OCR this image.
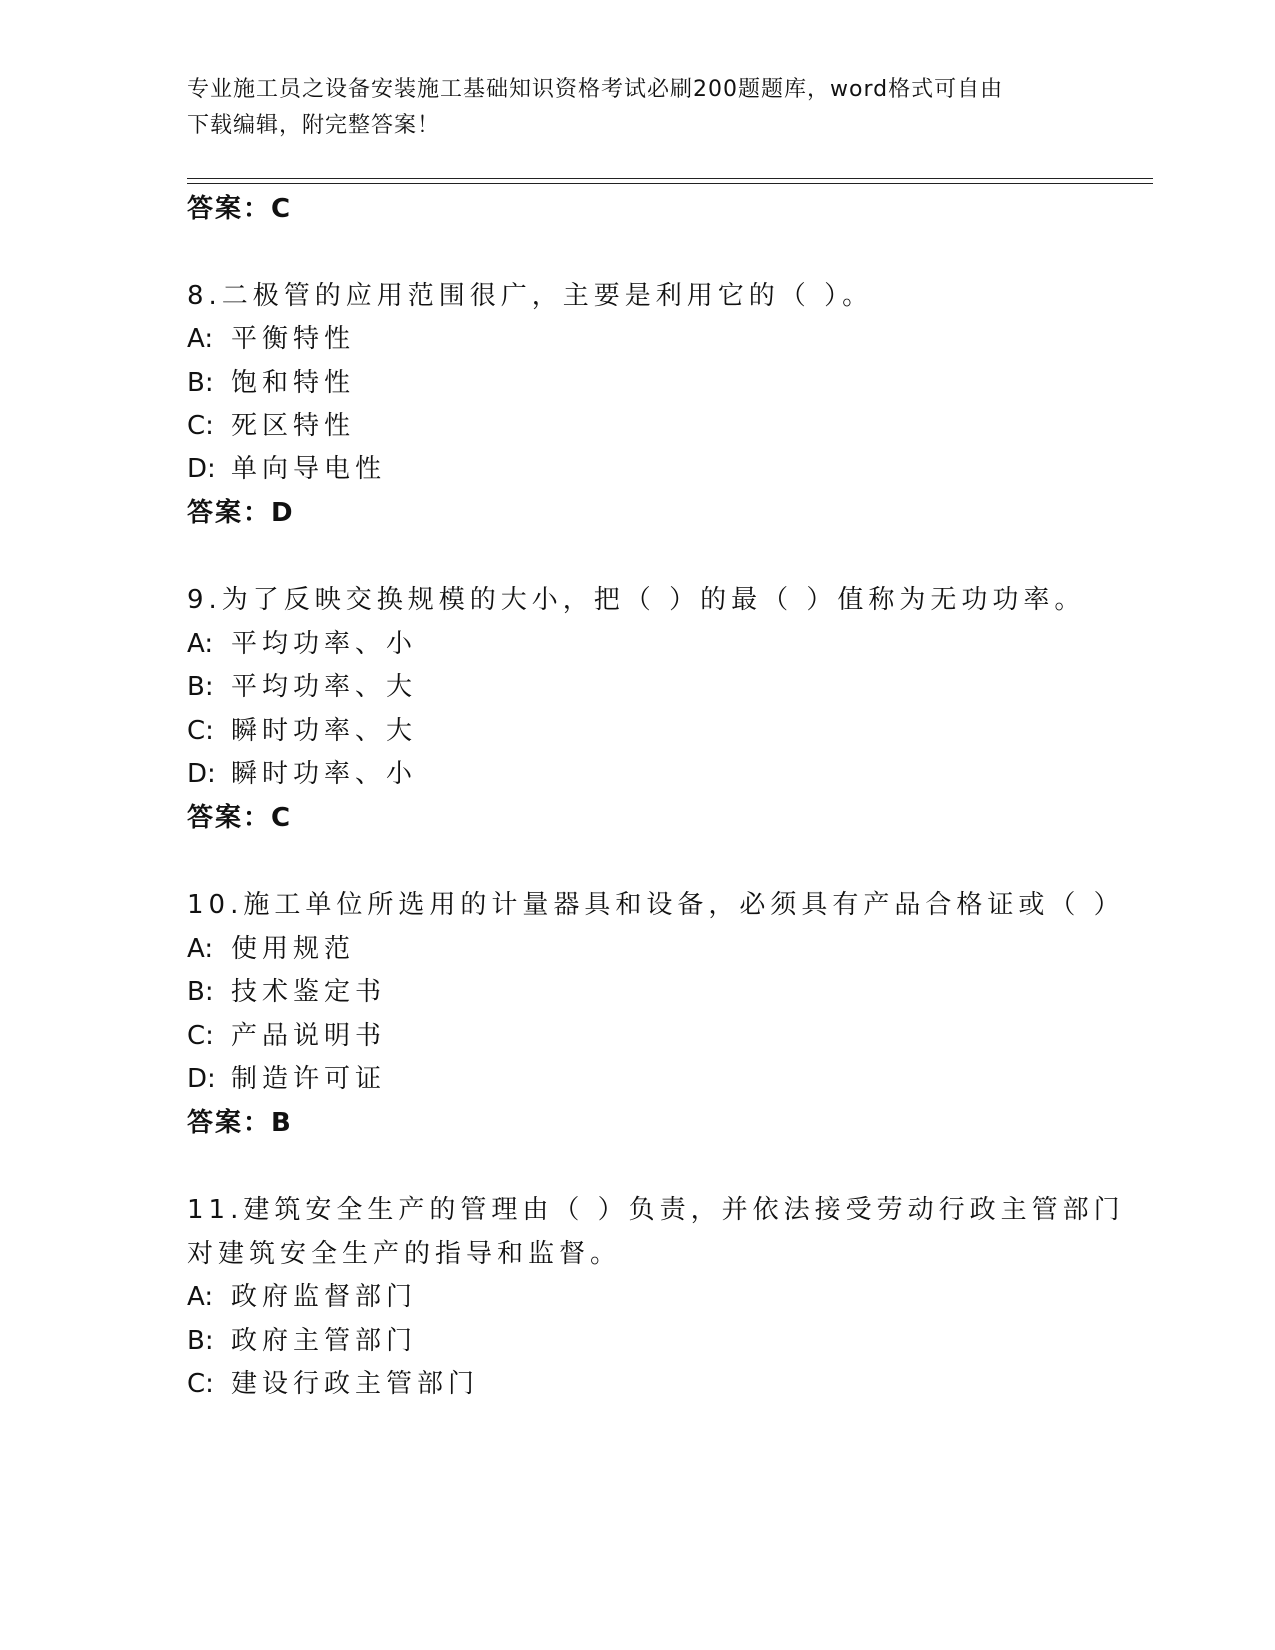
专业施工员之设备安装施工基础知识资格考试必刷200题题库，word格式可自由
下载编辑，附完整答案！
答案：C
8.二极管的应用范围很广，主要是利用它的（ ）。
A: 平衡特性
B: 饱和特性
C: 死区特性
D: 单向导电性
答案：D
9.为了反映交换规模的大小，把（ ）的最（ ）值称为无功功率。
A: 平均功率、小
B: 平均功率、大
C: 瞬时功率、大
D: 瞬时功率、小
答案：C
10.施工单位所选用的计量器具和设备，必须具有产品合格证或（ ）
A: 使用规范
B: 技术鉴定书
C: 产品说明书
D: 制造许可证
答案：B
11.建筑安全生产的管理由（ ）负责，并依法接受劳动行政主管部门
对建筑安全生产的指导和监督。
A: 政府监督部门
B: 政府主管部门
C: 建设行政主管部门
